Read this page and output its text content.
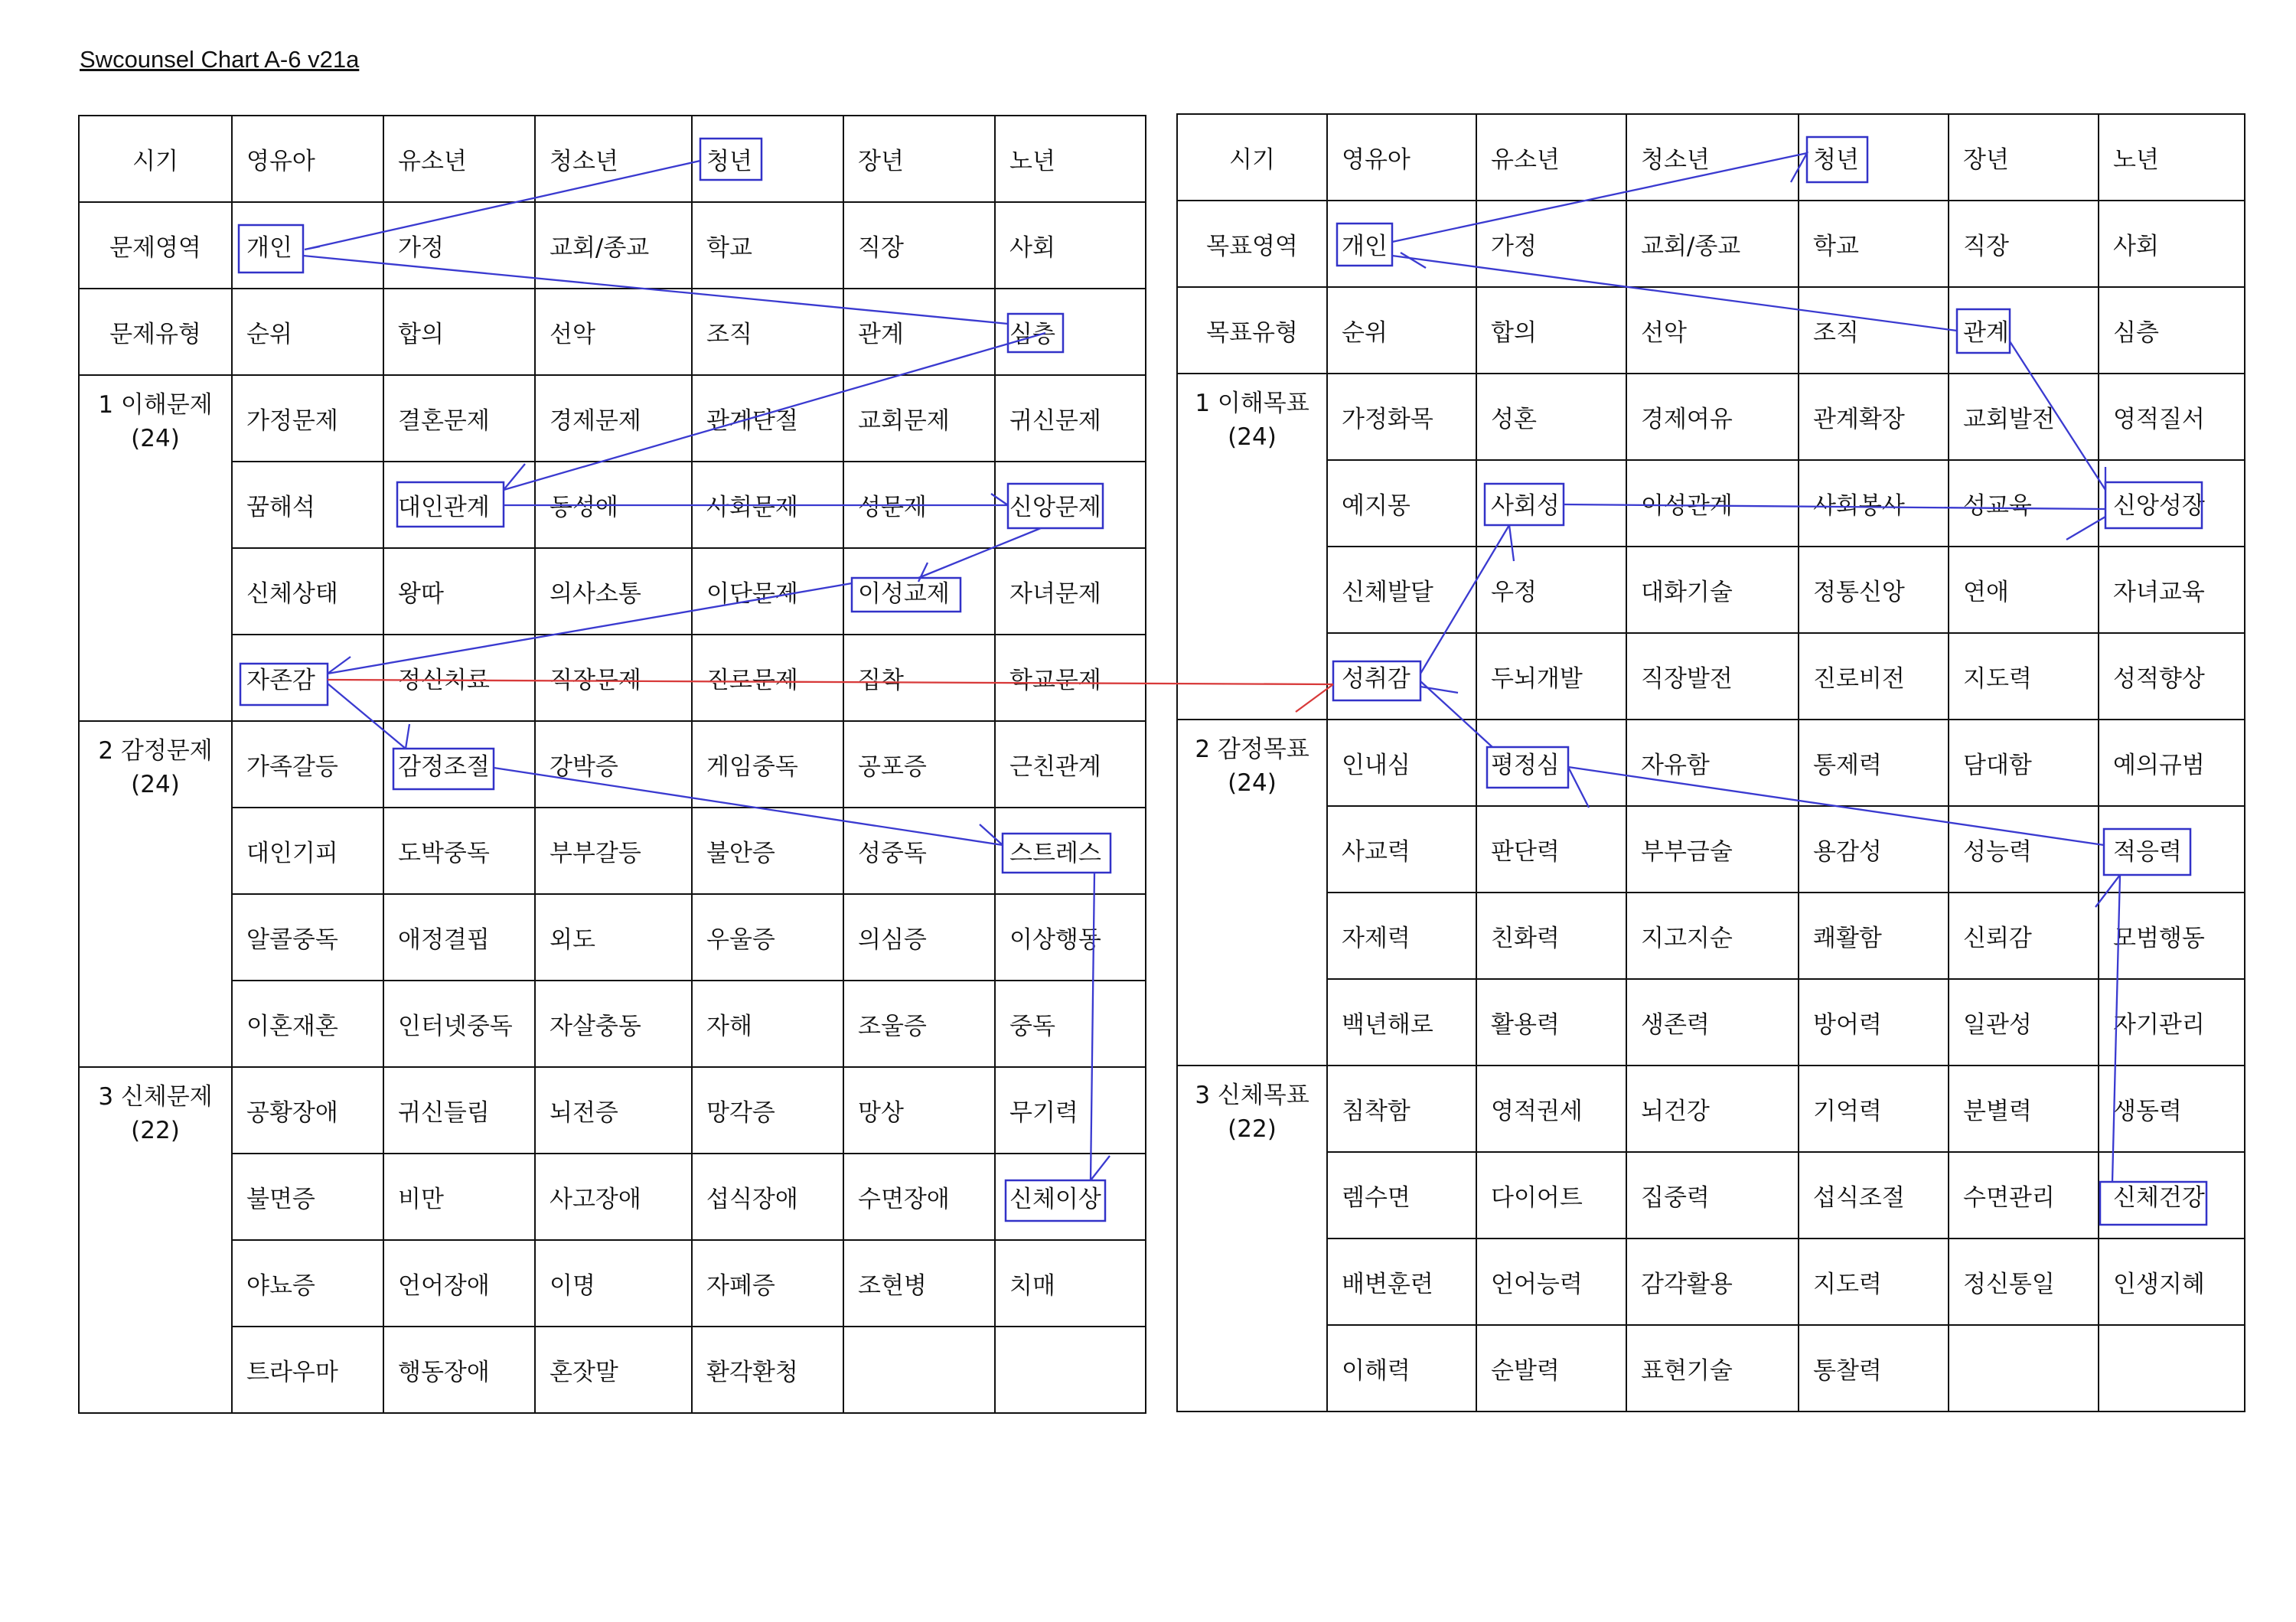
Swcounsel Chart A-6 v21a
시기	영유아	유소년	청소년	청년	장년	노년
문제영역	개인	가정	교회/종교	학교	직장	사회
문제유형	순위	합의	선악	조직	관계	심층

1 이해문제
(24)	가정문제	결혼문제	경제문제	관계단절	교회문제	귀신문제
	꿈해석	대인관계	동성애	사회문제	성문제	신앙문제
	신체상태	왕따	의사소통	이단문제	이성교제	자녀문제
	자존감	정신치료	직장문제	진로문제	집착	학교문제

2 감정문제
(24)	가족갈등	감정조절	강박증	게임중독	공포증	근친관계
	대인기피	도박중독	부부갈등	불안증	성중독	스트레스
	알콜중독	애정결핍	외도	우울증	의심증	이상행동
	이혼재혼	인터넷중독	자살충동	자해	조울증	중독

3 신체문제
(22)	공황장애	귀신들림	뇌전증	망각증	망상	무기력
	불면증	비만	사고장애	섭식장애	수면장애	신체이상
	야뇨증	언어장애	이명	자폐증	조현병	치매
	트라우마	행동장애	혼잣말	환각환청		
시기	영유아	유소년	청소년	청년	장년	노년
목표영역	개인	가정	교회/종교	학교	직장	사회
목표유형	순위	합의	선악	조직	관계	심층

1 이해목표
(24)	가정화목	성혼	경제여유	관계확장	교회발전	영적질서
	예지몽	사회성	이성관계	사회봉사	성교육	신앙성장
	신체발달	우정	대화기술	정통신앙	연애	자녀교육
	성취감	두뇌개발	직장발전	진로비전	지도력	성적향상

2 감정목표
(24)	인내심	평정심	자유함	통제력	담대함	예의규범
	사교력	판단력	부부금술	용감성	성능력	적응력
	자제력	친화력	지고지순	쾌활함	신뢰감	모범행동
	백년해로	활용력	생존력	방어력	일관성	자기관리

3 신체목표
(22)	침착함	영적권세	뇌건강	기억력	분별력	생동력
	렘수면	다이어트	집중력	섭식조절	수면관리	신체건강
	배변훈련	언어능력	감각활용	지도력	정신통일	인생지혜
	이해력	순발력	표현기술	통찰력		
